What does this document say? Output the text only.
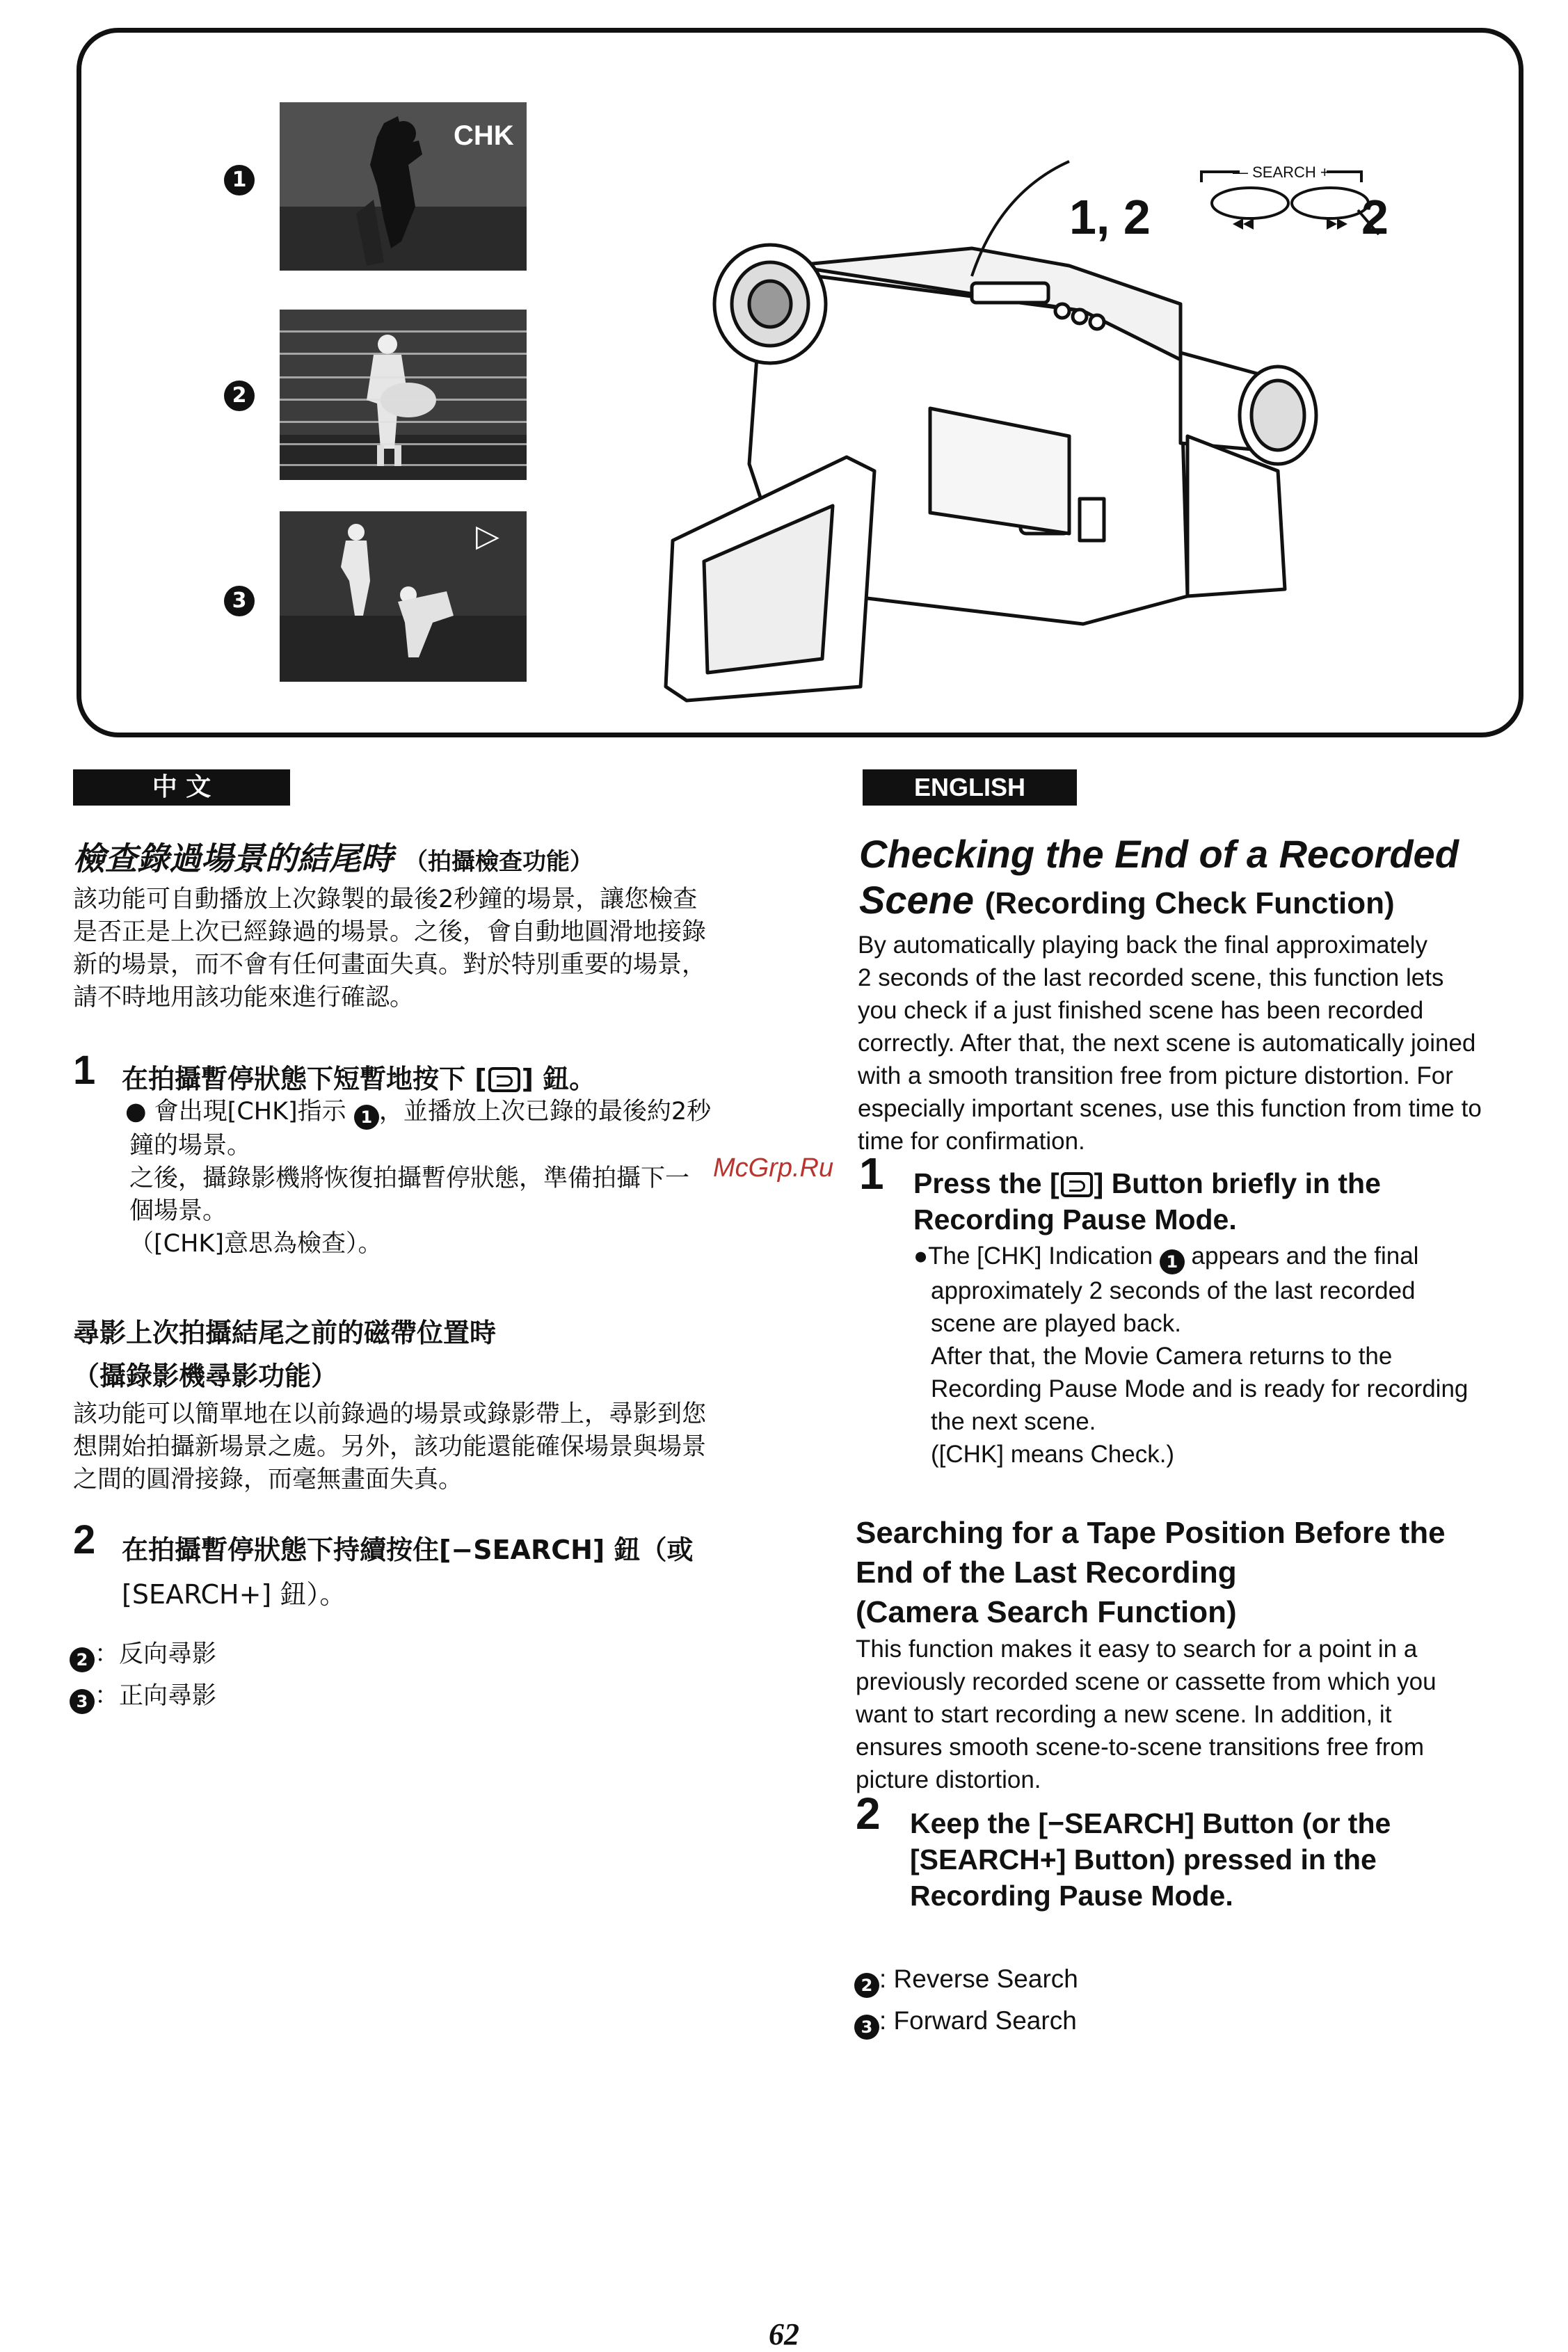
1
CHK
2
3
▷
— SEARCH +
1, 2	2
中 文	ENGLISH
檢查錄過場景的結尾時 （拍攝檢查功能）
該功能可自動播放上次錄製的最後2秒鐘的場景，讓您檢查
是否正是上次已經錄過的場景。之後，會自動地圓滑地接錄
新的場景，而不會有任何畫面失真。對於特別重要的場景，
請不時地用該功能來進行確認。
1 在拍攝暫停狀態下短暫地按下 [ ] 鈕。
● 會出現[CHK]指示 1 ，並播放上次已錄的最後約2秒
鐘的場景。
之後，攝錄影機將恢復拍攝暫停狀態，準備拍攝下一
個場景。
（[CHK]意思為檢查）。
尋影上次拍攝結尾之前的磁帶位置時
（攝錄影機尋影功能）
該功能可以簡單地在以前錄過的場景或錄影帶上，尋影到您
想開始拍攝新場景之處。另外，該功能還能確保場景與場景
之間的圓滑接錄，而毫無畫面失真。
2 在拍攝暫停狀態下持續按住[−SEARCH] 鈕（或
[SEARCH+] 鈕）。
2 ：反向尋影
3 ：正向尋影
Checking the End of a Recorded
Scene (Recording Check Function)
By automatically playing back the final approximately
2 seconds of the last recorded scene, this function lets
you check if a just finished scene has been recorded
correctly. After that, the next scene is automatically joined
with a smooth transition free from picture distortion. For
especially important scenes, use this function from time to
time for confirmation.
McGrp.Ru 1 Press the [ ] Button briefly in the
Recording Pause Mode.
●The [CHK] Indication 1 appears and the final
approximately 2 seconds of the last recorded
scene are played back.
After that, the Movie Camera returns to the
Recording Pause Mode and is ready for recording
the next scene.
([CHK] means Check.)
Searching for a Tape Position Before the
End of the Last Recording
(Camera Search Function)
This function makes it easy to search for a point in a
previously recorded scene or cassette from which you
want to start recording a new scene. In addition, it
ensures smooth scene-to-scene transitions free from
picture distortion.
2 Keep the [−SEARCH] Button (or the
[SEARCH+] Button) pressed in the
Recording Pause Mode.
2 : Reverse Search
3 : Forward Search
62
